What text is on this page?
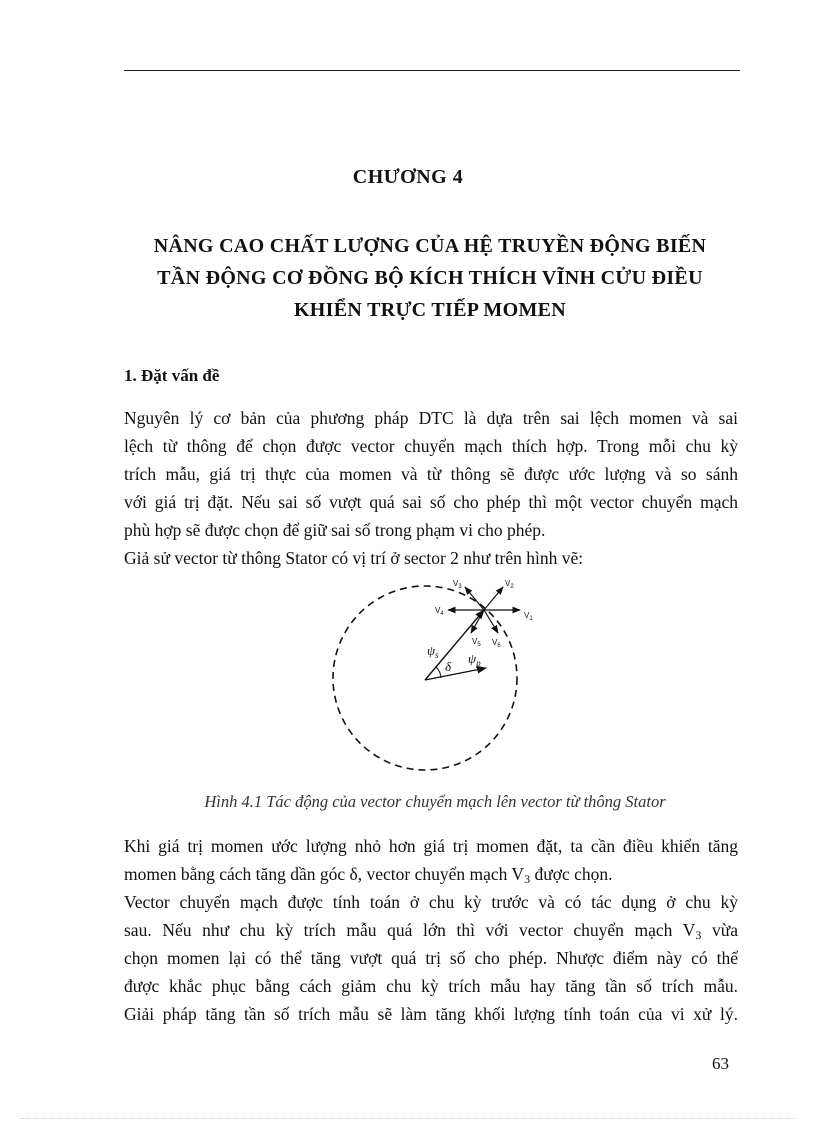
CHƯƠNG 4
NÂNG CAO CHẤT LƯỢNG CỦA HỆ TRUYỀN ĐỘNG BIẾN
TẦN ĐỘNG CƠ ĐỒNG BỘ KÍCH THÍCH VĨNH CỬU ĐIỀU
KHIỂN TRỰC TIẾP MOMEN
1. Đặt vấn đề
Nguyên lý cơ bản của phương pháp DTC là dựa trên sai lệch momen và sai
lệch từ thông để chọn được vector chuyển mạch thích hợp. Trong mỗi chu kỳ
trích mẫu, giá trị thực của momen và từ thông sẽ được ước lượng và so sánh
với giá trị đặt. Nếu sai số vượt quá sai số cho phép thì một vector chuyển mạch
phù hợp sẽ được chọn để giữ sai số trong phạm vi cho phép.
Giả sử vector từ thông Stator có vị trí ở sector 2 như trên hình vẽ:
$V_1$
$V_2$
$V_3$
$V_4$
$V_5$ $V_6$
$\psi_s$ $\psi_p$
δ
Hình 4.1 Tác động của vector chuyển mạch lên vector từ thông Stator
Khi giá trị momen ước lượng nhỏ hơn giá trị momen đặt, ta cần điều khiển tăng
momen bằng cách tăng dần góc δ, vector chuyển mạch $V_3$ được chọn.
Vector chuyển mạch được tính toán ở chu kỳ trước và có tác dụng ở chu kỳ
sau. Nếu như chu kỳ trích mẫu quá lớn thì với vector chuyển mạch $V_3$ vừa
chọn momen lại có thể tăng vượt quá trị số cho phép. Nhược điểm này có thể
được khắc phục bằng cách giảm chu kỳ trích mẫu hay tăng tần số trích mẫu.
Giải pháp tăng tần số trích mẫu sẽ làm tăng khối lượng tính toán của vi xử lý.
63
